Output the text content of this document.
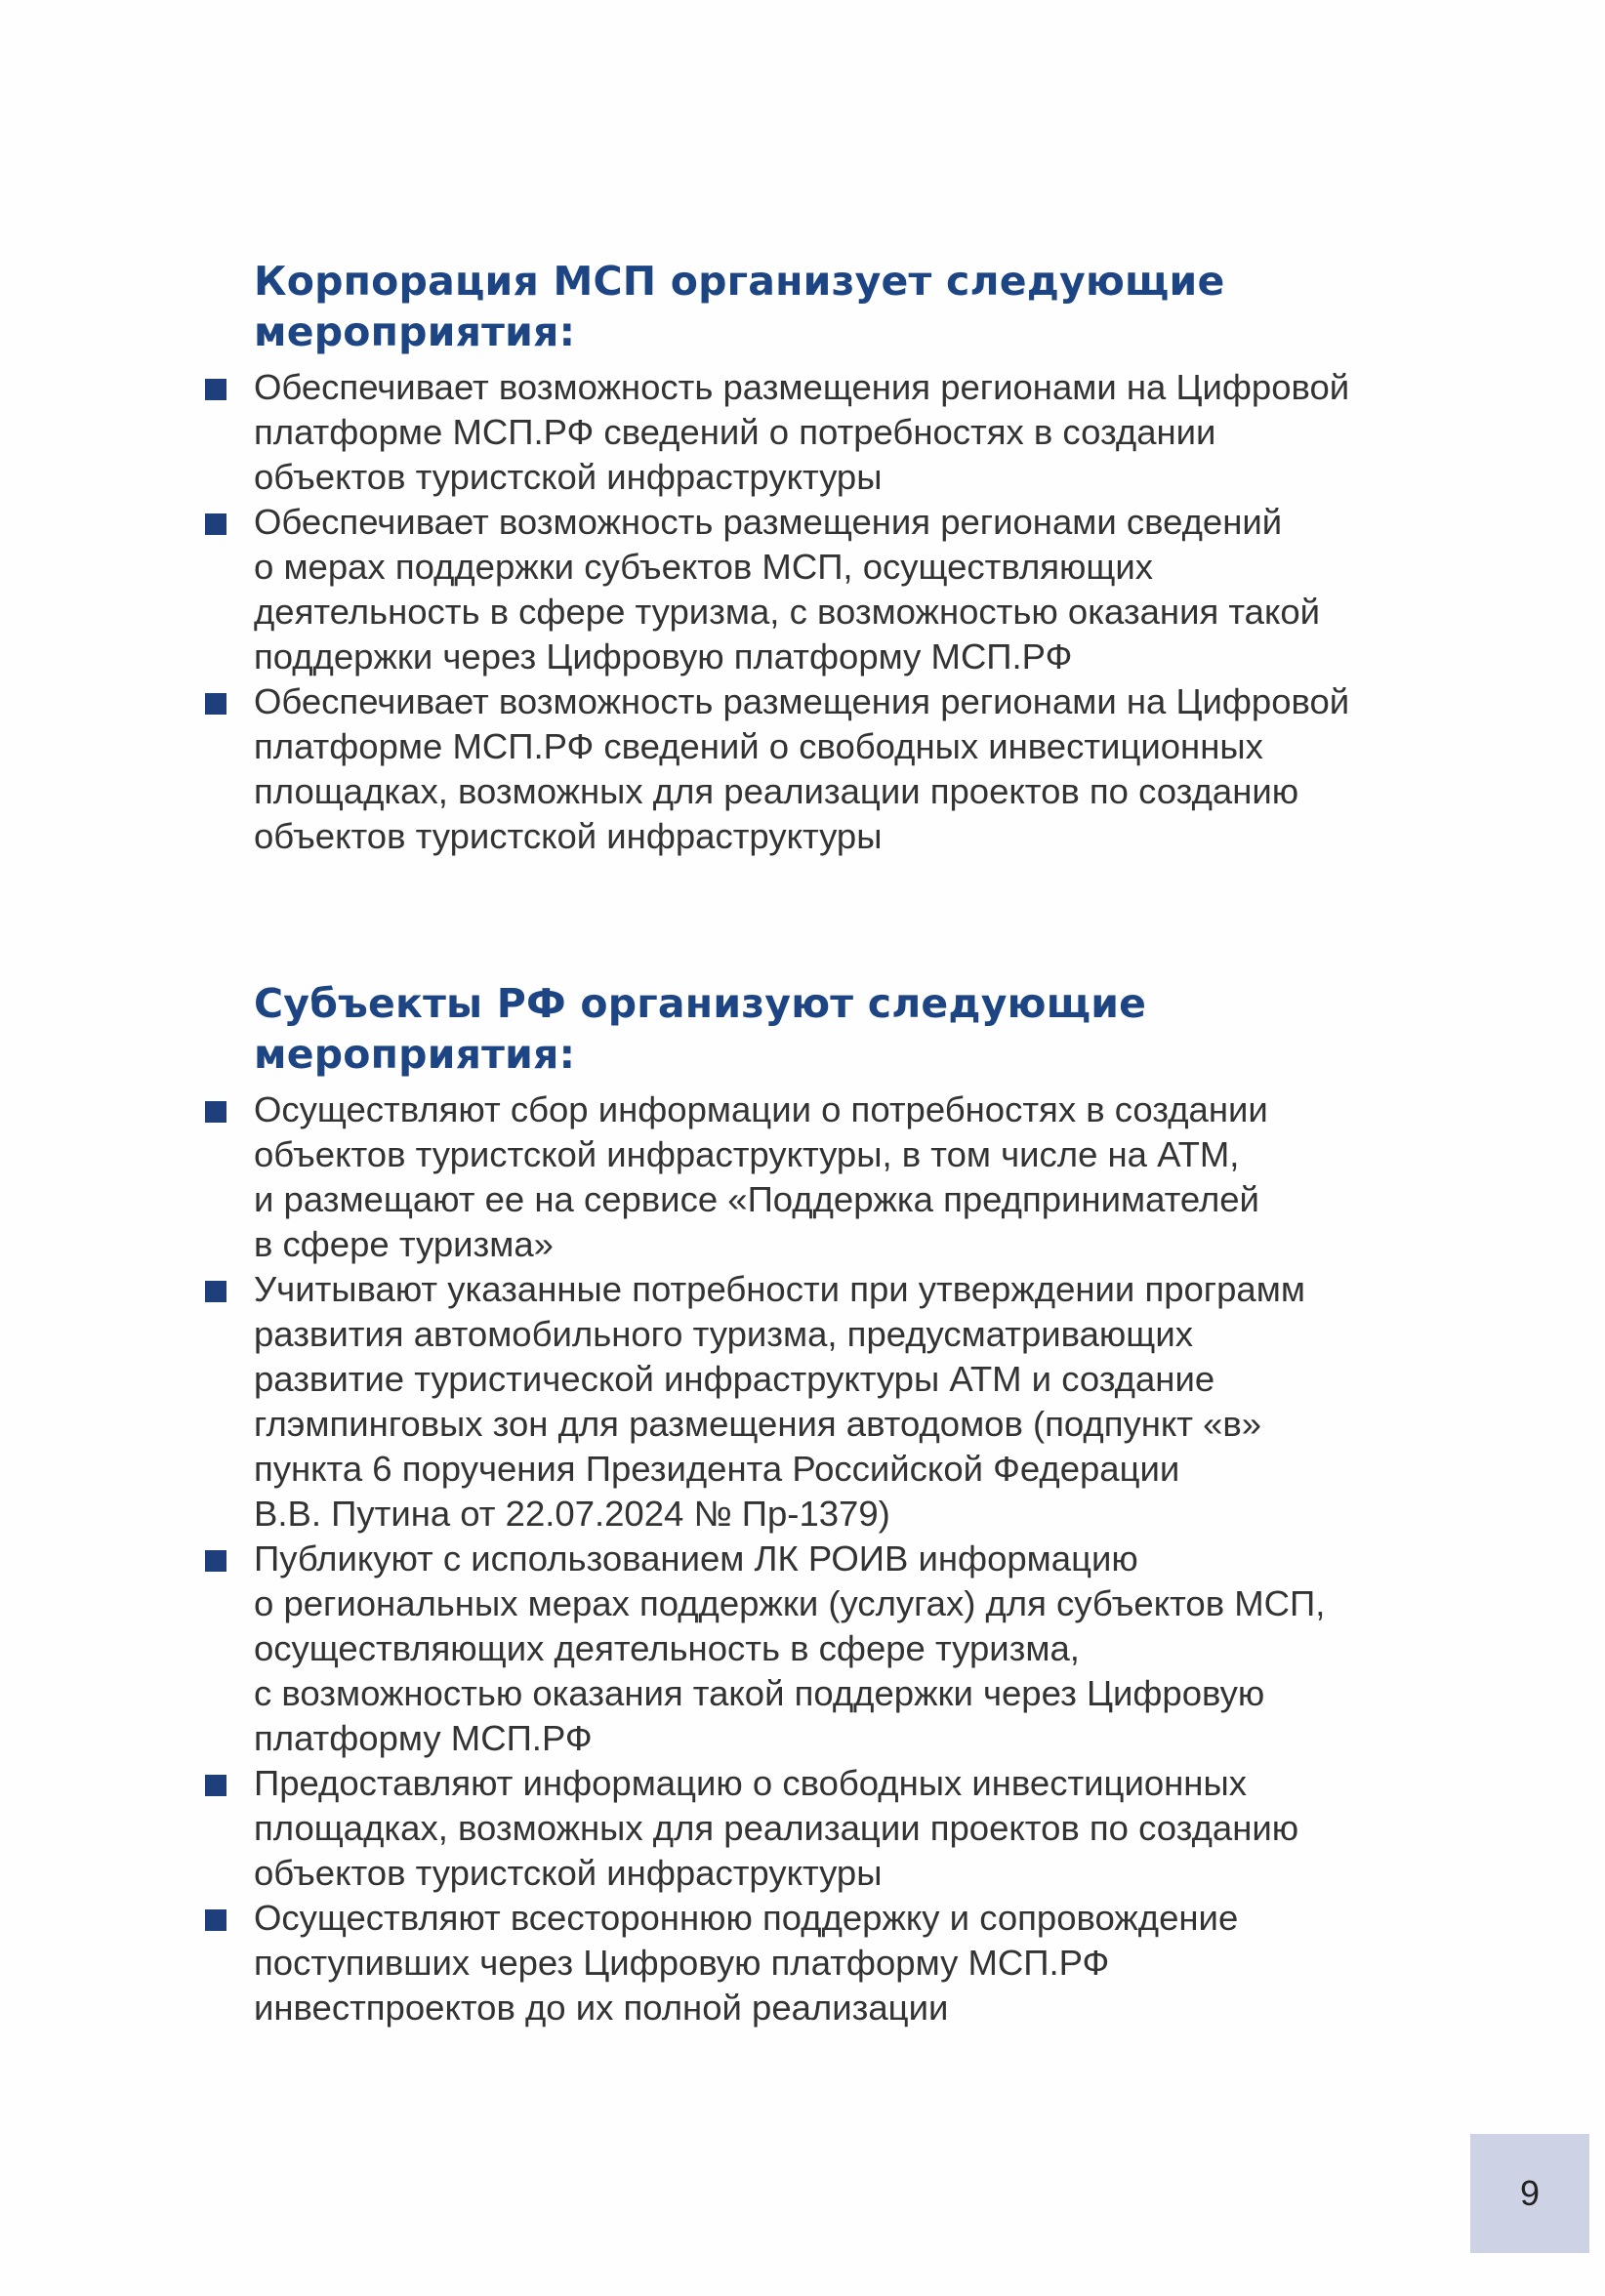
Корпорация МСП организует следующие
мероприятия:
Обеспечивает возможность размещения регионами на Цифровой
платформе МСП.РФ сведений о потребностях в создании
объектов туристской инфраструктуры
Обеспечивает возможность размещения регионами сведений
о мерах поддержки субъектов МСП, осуществляющих
деятельность в сфере туризма, с возможностью оказания такой
поддержки через Цифровую платформу МСП.РФ
Обеспечивает возможность размещения регионами на Цифровой
платформе МСП.РФ сведений о свободных инвестиционных
площадках, возможных для реализации проектов по созданию
объектов туристской инфраструктуры
Субъекты РФ организуют следующие
мероприятия:
Осуществляют сбор информации о потребностях в создании
объектов туристской инфраструктуры, в том числе на АТМ,
и размещают ее на сервисе «Поддержка предпринимателей
в сфере туризма»
Учитывают указанные потребности при утверждении программ
развития автомобильного туризма, предусматривающих
развитие туристической инфраструктуры АТМ и создание
глэмпинговых зон для размещения автодомов (подпункт «в»
пункта 6 поручения Президента Российской Федерации
В.В. Путина от 22.07.2024 № Пр-1379)
Публикуют с использованием ЛК РОИВ информацию
о региональных мерах поддержки (услугах) для субъектов МСП,
осуществляющих деятельность в сфере туризма,
с возможностью оказания такой поддержки через Цифровую
платформу МСП.РФ
Предоставляют информацию о свободных инвестиционных
площадках, возможных для реализации проектов по созданию
объектов туристской инфраструктуры
Осуществляют всестороннюю поддержку и сопровождение
поступивших через Цифровую платформу МСП.РФ
инвестпроектов до их полной реализации
9
